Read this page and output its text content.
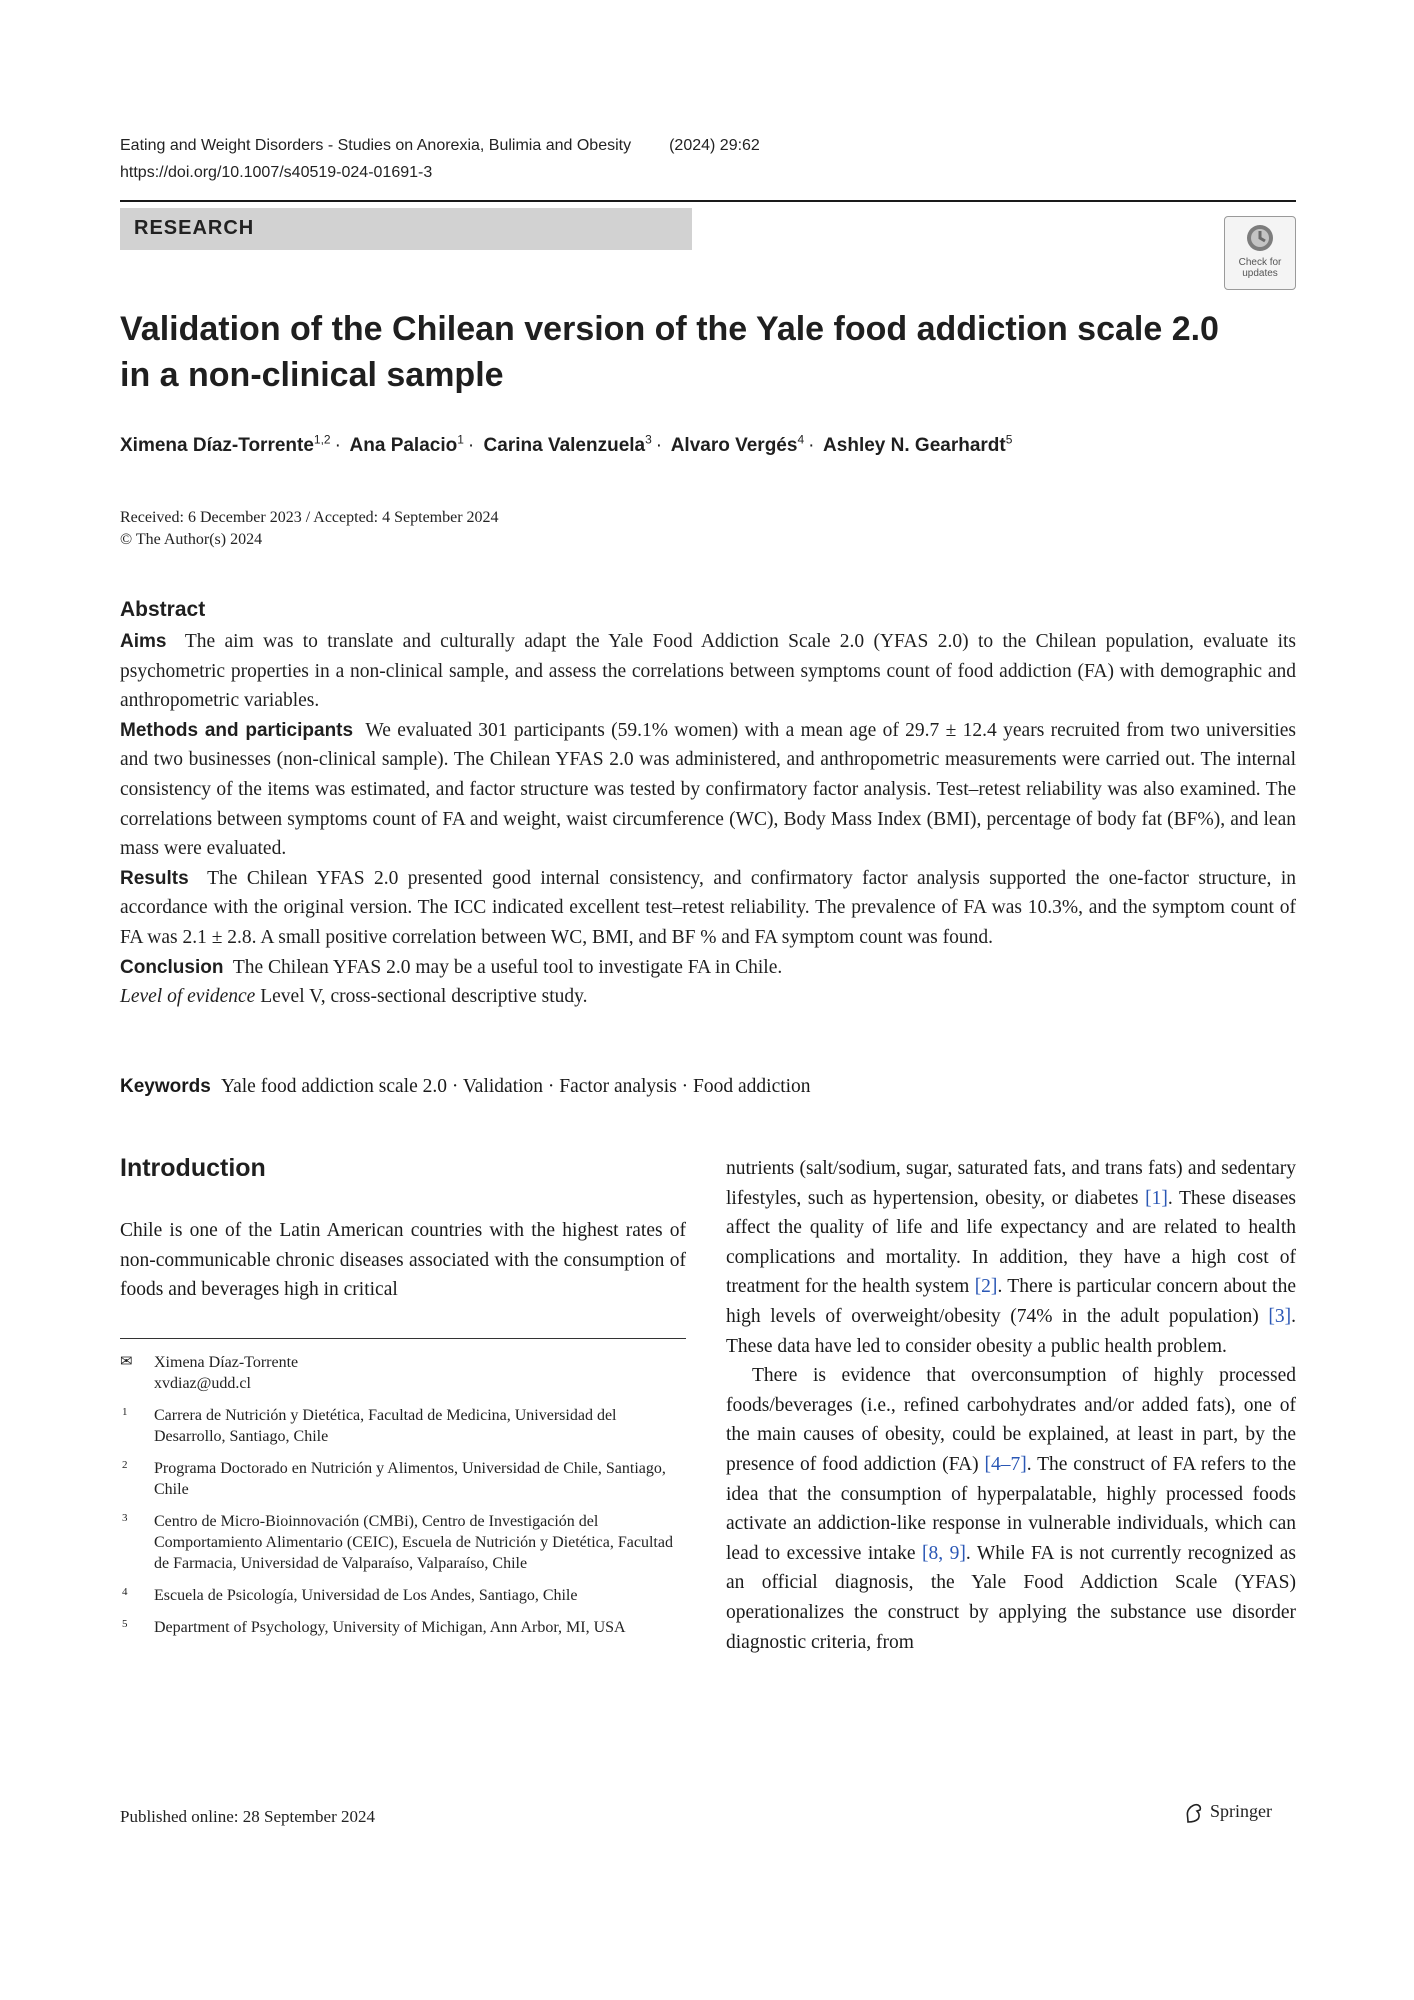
Eating and Weight Disorders - Studies on Anorexia, Bulimia and Obesity (2024) 29:62
https://doi.org/10.1007/s40519-024-01691-3
RESEARCH
Check for updates
Validation of the Chilean version of the Yale food addiction scale 2.0 in a non-clinical sample
Ximena Díaz-Torrente$^{1,2}$ · Ana Palacio$^1$ · Carina Valenzuela$^3$ · Alvaro Vergés$^4$ · Ashley N. Gearhardt$^5$
Received: 6 December 2023 / Accepted: 4 September 2024
© The Author(s) 2024
Abstract

Aims The aim was to translate and culturally adapt the Yale Food Addiction Scale 2.0 (YFAS 2.0) to the Chilean population, evaluate its psychometric properties in a non-clinical sample, and assess the correlations between symptoms count of food addiction (FA) with demographic and anthropometric variables.

Methods and participants We evaluated 301 participants (59.1% women) with a mean age of 29.7 ± 12.4 years recruited from two universities and two businesses (non-clinical sample). The Chilean YFAS 2.0 was administered, and anthropometric measurements were carried out. The internal consistency of the items was estimated, and factor structure was tested by confirmatory factor analysis. Test–retest reliability was also examined. The correlations between symptoms count of FA and weight, waist circumference (WC), Body Mass Index (BMI), percentage of body fat (BF%), and lean mass were evaluated.

Results The Chilean YFAS 2.0 presented good internal consistency, and confirmatory factor analysis supported the one-factor structure, in accordance with the original version. The ICC indicated excellent test–retest reliability. The prevalence of FA was 10.3%, and the symptom count of FA was 2.1 ± 2.8. A small positive correlation between WC, BMI, and BF % and FA symptom count was found.

Conclusion The Chilean YFAS 2.0 may be a useful tool to investigate FA in Chile.

Level of evidence Level V, cross-sectional descriptive study.

Keywords Yale food addiction scale 2.0 · Validation · Factor analysis · Food addiction
Introduction
Chile is one of the Latin American countries with the highest rates of non-communicable chronic diseases associated with the consumption of foods and beverages high in critical
✉ Ximena Díaz-Torrente
xvdiaz@udd.cl
1 Carrera de Nutrición y Dietética, Facultad de Medicina, Universidad del Desarrollo, Santiago, Chile
2 Programa Doctorado en Nutrición y Alimentos, Universidad de Chile, Santiago, Chile
3 Centro de Micro-Bioinnovación (CMBi), Centro de Investigación del Comportamiento Alimentario (CEIC), Escuela de Nutrición y Dietética, Facultad de Farmacia, Universidad de Valparaíso, Valparaíso, Chile
4 Escuela de Psicología, Universidad de Los Andes, Santiago, Chile
5 Department of Psychology, University of Michigan, Ann Arbor, MI, USA

nutrients (salt/sodium, sugar, saturated fats, and trans fats) and sedentary lifestyles, such as hypertension, obesity, or diabetes [1]. These diseases affect the quality of life and life expectancy and are related to health complications and mortality. In addition, they have a high cost of treatment for the health system [2]. There is particular concern about the high levels of overweight/obesity (74% in the adult population) [3]. These data have led to consider obesity a public health problem.

There is evidence that overconsumption of highly processed foods/beverages (i.e., refined carbohydrates and/or added fats), one of the main causes of obesity, could be explained, at least in part, by the presence of food addiction (FA) [4–7]. The construct of FA refers to the idea that the consumption of hyperpalatable, highly processed foods activate an addiction-like response in vulnerable individuals, which can lead to excessive intake [8, 9]. While FA is not currently recognized as an official diagnosis, the Yale Food Addiction Scale (YFAS) operationalizes the construct by applying the substance use disorder diagnostic criteria, from

Published online: 28 September 2024	Springer
